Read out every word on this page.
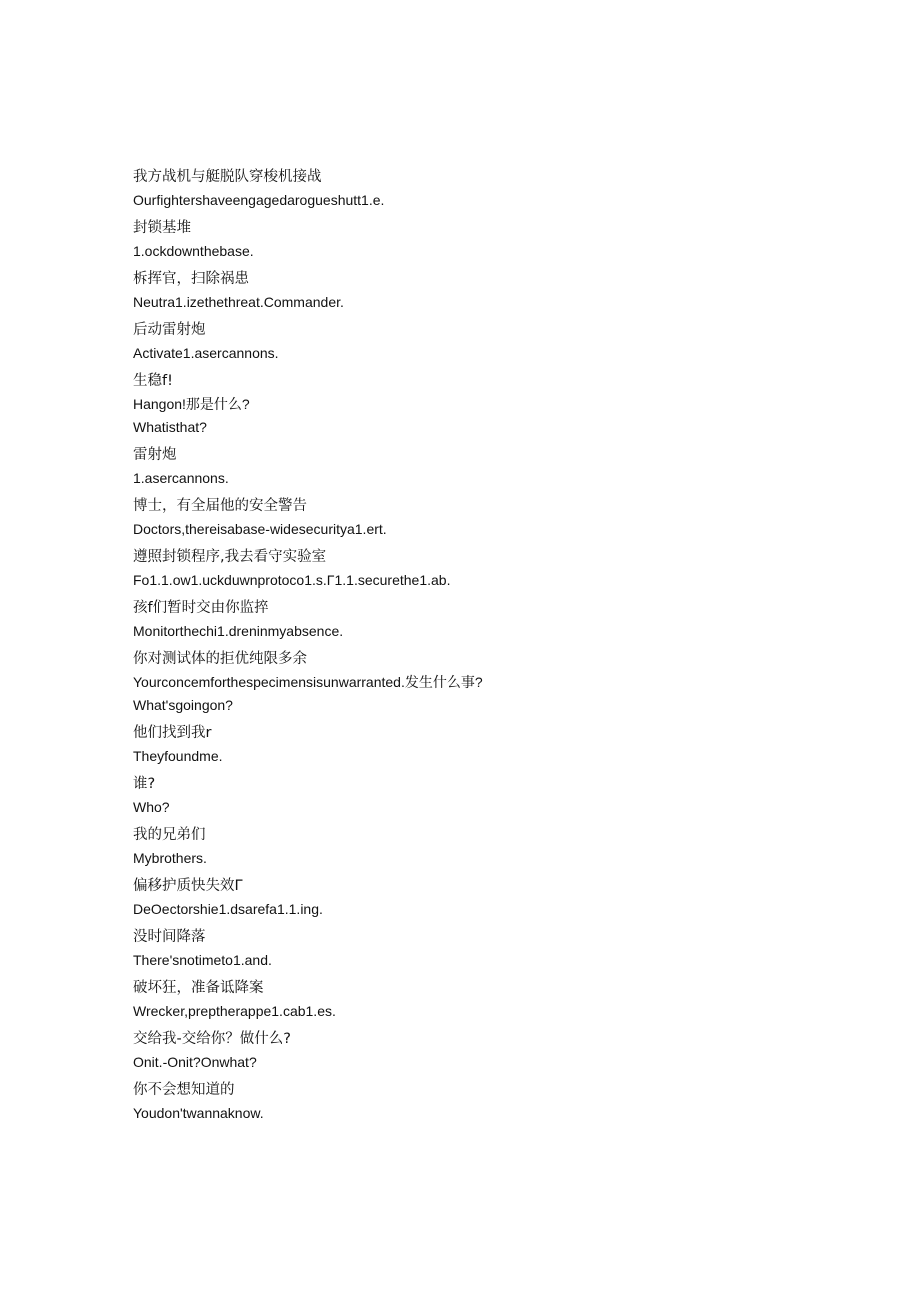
我方战机与艇脱队穿梭机接战
Ourfightershaveengagedarogueshutt1.e.
封锁基堆
1.ockdownthebase.
柝挥官，扫除祸患
Neutra1.izethethreat.Commander.
后动雷射炮
Activate1.asercannons.
生稳f!
Hangon!那是什么?
Whatisthat?
雷射炮
1.asercannons.
博士，有全届他的安全警告
Doctors,thereisabase-widesecuritya1.ert.
遵照封锁程序,我去看守实验室
Fo1.1.ow1.uckduwnprotoco1.s.Γ1.1.securethe1.ab.
孩f们暂时交由你监捽
Monitorthechi1.dreninmyabsence.
你对测试体的拒优纯限多余
Yourconcemforthespecimensisunwarranted.发生什么事?
What'sgoingon?
他们找到我r
Theyfoundme.
谁?
Who?
我的兄弟们
Mybrothers.
偏移护质快失效Γ
DeOectorshie1.dsarefa1.1.ing.
没时间降落
There'snotimeto1.and.
破坏狂，准备诋降案
Wrecker,preptherappe1.cab1.es.
交给我-交给你？做什么?
Onit.-Onit?Onwhat?
你不会想知道的
Youdon'twannaknow.
